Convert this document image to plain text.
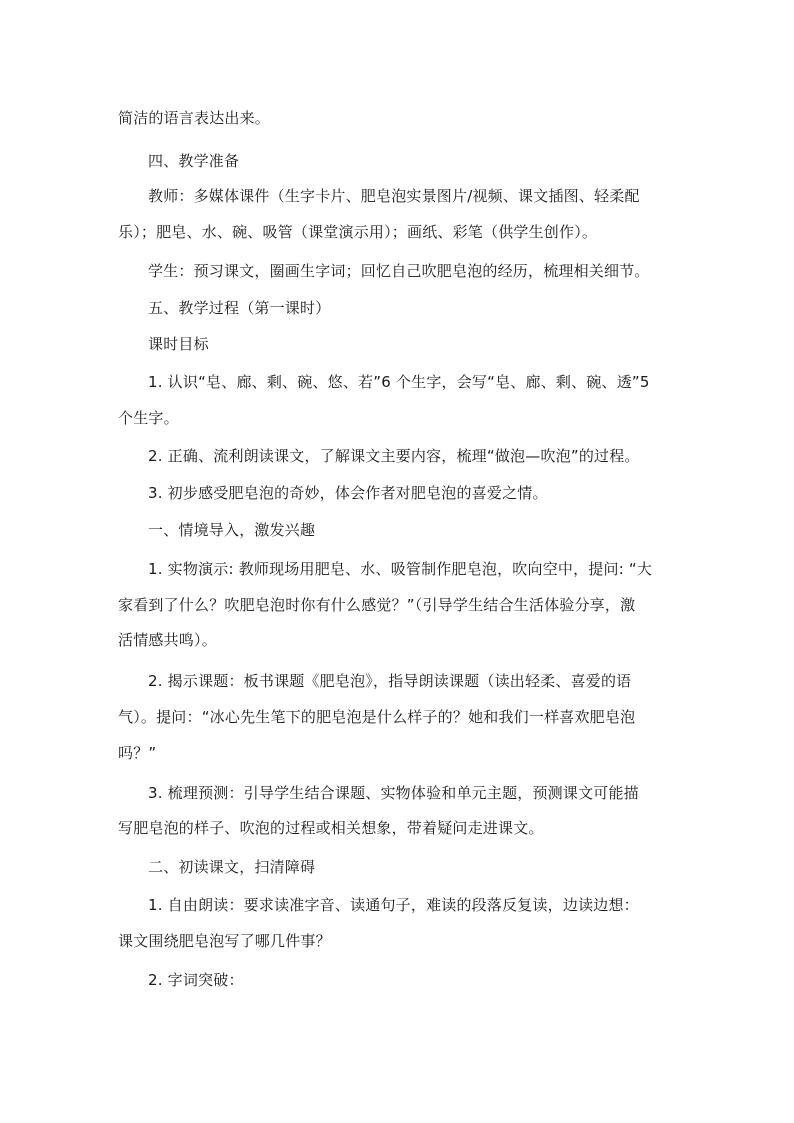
简洁的语言表达出来。
四、教学准备
教师：多媒体课件（生字卡片、肥皂泡实景图片/视频、课文插图、轻柔配
乐）；肥皂、水、碗、吸管（课堂演示用）；画纸、彩笔（供学生创作）。
学生：预习课文，圈画生字词；回忆自己吹肥皂泡的经历，梳理相关细节。
五、教学过程（第一课时）
课时目标
1. 认识“皂、廊、剩、碗、悠、若”6 个生字，会写“皂、廊、剩、碗、透”5
个生字。
2. 正确、流利朗读课文，了解课文主要内容，梳理“做泡—吹泡”的过程。
3. 初步感受肥皂泡的奇妙，体会作者对肥皂泡的喜爱之情。
一、情境导入，激发兴趣
1. 实物演示: 教师现场用肥皂、水、吸管制作肥皂泡，吹向空中，提问: “大
家看到了什么？吹肥皂泡时你有什么感觉？”（引导学生结合生活体验分享，激
活情感共鸣）。
2. 揭示课题：板书课题《肥皂泡》，指导朗读课题（读出轻柔、喜爱的语
气）。提问：“冰心先生笔下的肥皂泡是什么样子的？她和我们一样喜欢肥皂泡
吗？”
3. 梳理预测：引导学生结合课题、实物体验和单元主题，预测课文可能描
写肥皂泡的样子、吹泡的过程或相关想象，带着疑问走进课文。
二、初读课文，扫清障碍
1. 自由朗读：要求读准字音、读通句子，难读的段落反复读，边读边想：
课文围绕肥皂泡写了哪几件事？
2. 字词突破：
